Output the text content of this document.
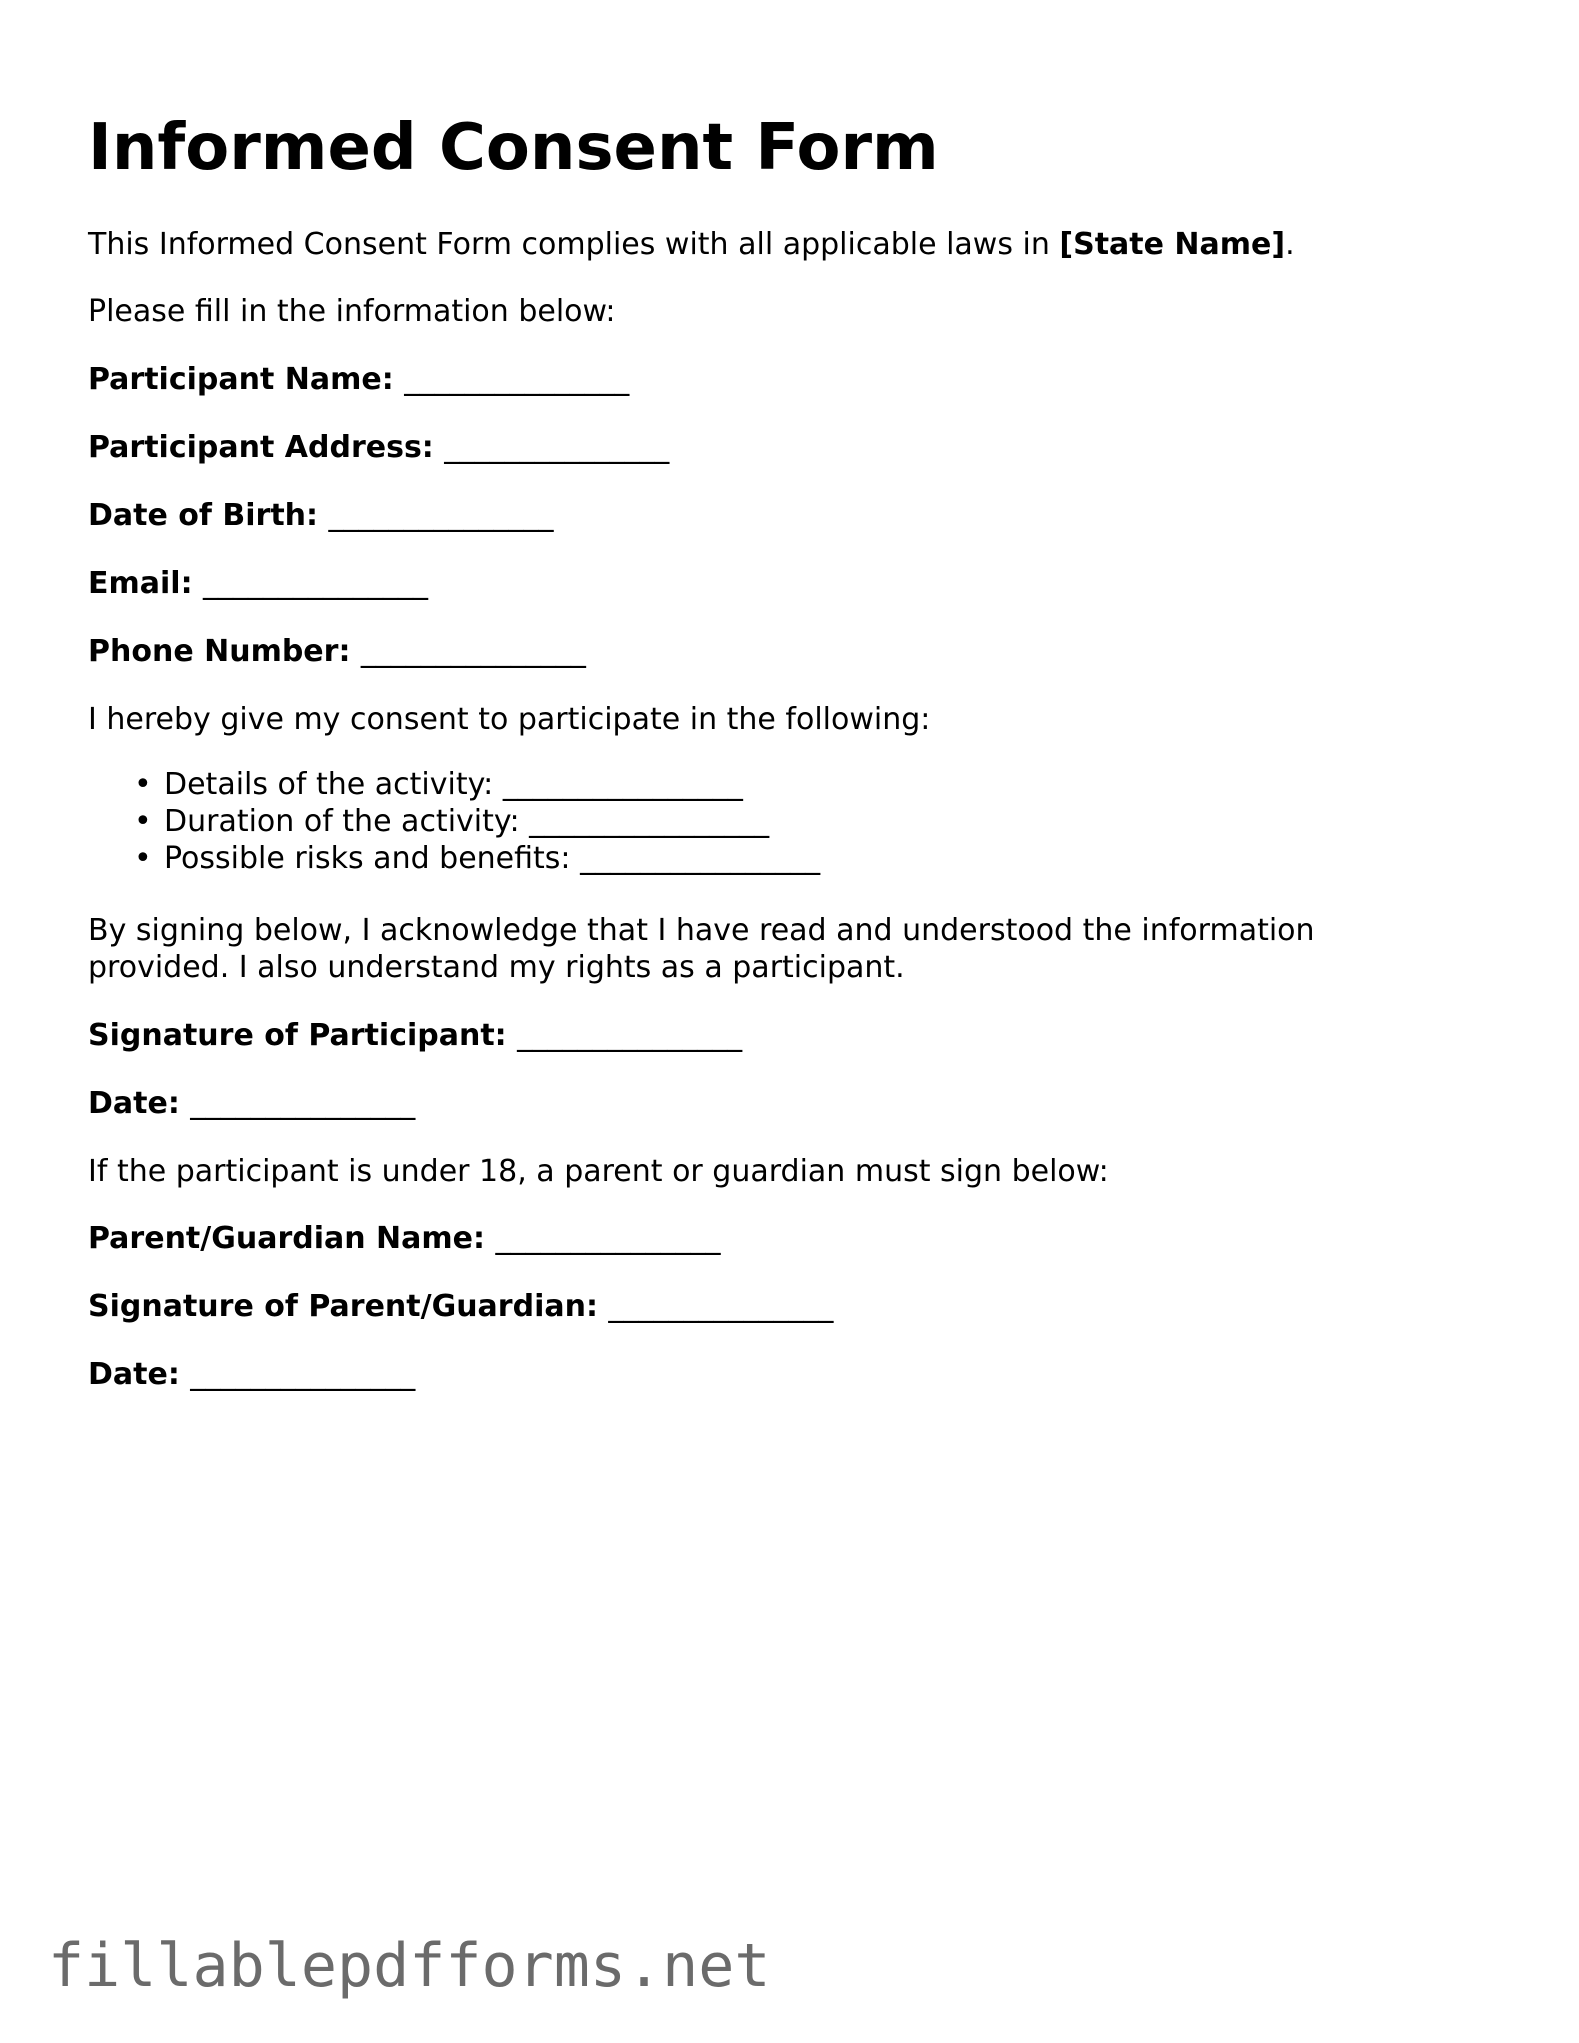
Informed Consent Form

This Informed Consent Form complies with all applicable laws in [State Name].

Please fill in the information below:

Participant Name: _______________

Participant Address: _______________

Date of Birth: _______________

Email: _______________

Phone Number: _______________

I hereby give my consent to participate in the following:

• Details of the activity: ________________
• Duration of the activity: ________________
• Possible risks and benefits: ________________

By signing below, I acknowledge that I have read and understood the information

provided. I also understand my rights as a participant.

Signature of Participant: _______________

Date: _______________

If the participant is under 18, a parent or guardian must sign below:

Parent/Guardian Name: _______________

Signature of Parent/Guardian: _______________

Date: _______________

fillablepdfforms.net
